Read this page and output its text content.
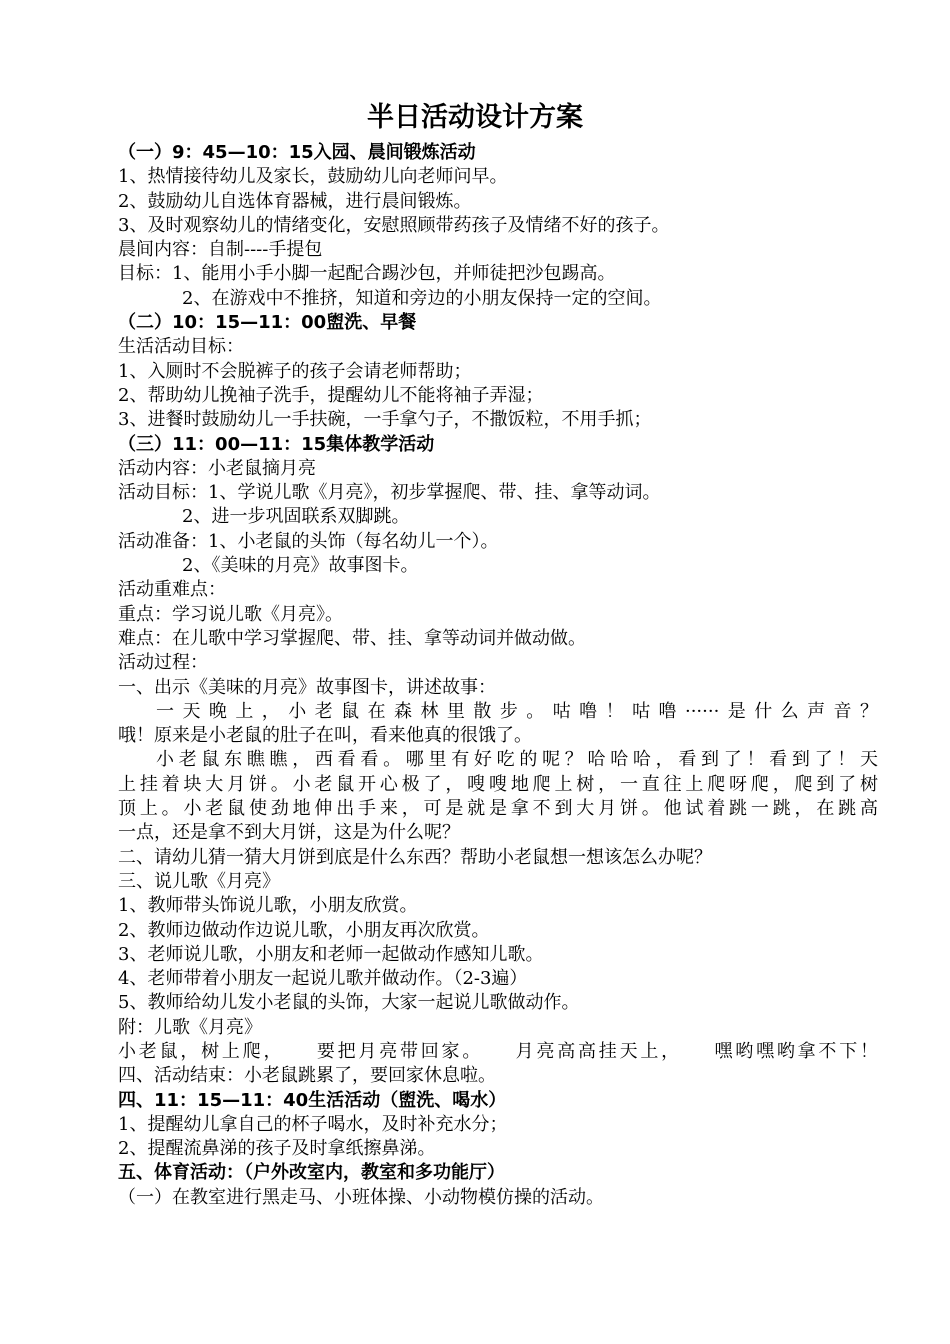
半日活动设计方案
（一）9：45—10：15入园、晨间锻炼活动
1、热情接待幼儿及家长，鼓励幼儿向老师问早。
2、鼓励幼儿自选体育器械，进行晨间锻炼。
3、及时观察幼儿的情绪变化，安慰照顾带药孩子及情绪不好的孩子。
晨间内容：自制----手提包
目标：1、能用小手小脚一起配合踢沙包，并师徒把沙包踢高。
2、在游戏中不推挤，知道和旁边的小朋友保持一定的空间。
（二）10：15—11：00盥洗、早餐
生活活动目标：
1、入厕时不会脱裤子的孩子会请老师帮助；
2、帮助幼儿挽袖子洗手，提醒幼儿不能将袖子弄湿；
3、进餐时鼓励幼儿一手扶碗，一手拿勺子，不撒饭粒，不用手抓；
（三）11：00—11：15集体教学活动
活动内容：小老鼠摘月亮
活动目标：1、学说儿歌《月亮》，初步掌握爬、带、挂、拿等动词。
2、进一步巩固联系双脚跳。
活动准备：1、小老鼠的头饰（每名幼儿一个）。
2、《美味的月亮》故事图卡。
活动重难点：
重点：学习说儿歌《月亮》。
难点：在儿歌中学习掌握爬、带、挂、拿等动词并做动做。
活动过程：
一、出示《美味的月亮》故事图卡，讲述故事：
一天晚上，小老鼠在森林里散步。咕噜！咕噜······是什么声音？
哦！原来是小老鼠的肚子在叫，看来他真的很饿了。
小老鼠东瞧瞧，西看看。哪里有好吃的呢？哈哈哈，看到了！看到了！天
上挂着块大月饼。小老鼠开心极了，嗖嗖地爬上树，一直往上爬呀爬，爬到了树
顶上。小老鼠使劲地伸出手来，可是就是拿不到大月饼。他试着跳一跳，在跳高
一点，还是拿不到大月饼，这是为什么呢？
二、请幼儿猜一猜大月饼到底是什么东西？帮助小老鼠想一想该怎么办呢？
三、说儿歌《月亮》
1、教师带头饰说儿歌，小朋友欣赏。
2、教师边做动作边说儿歌，小朋友再次欣赏。
3、老师说儿歌，小朋友和老师一起做动作感知儿歌。
4、老师带着小朋友一起说儿歌并做动作。（2-3遍）
5、教师给幼儿发小老鼠的头饰，大家一起说儿歌做动作。
附：儿歌《月亮》
小老鼠，树上爬，　　要把月亮带回家。　　月亮高高挂天上，　　嘿哟嘿哟拿不下！
四、活动结束：小老鼠跳累了，要回家休息啦。
四、11：15—11：40生活活动（盥洗、喝水）
1、提醒幼儿拿自己的杯子喝水，及时补充水分；
2、提醒流鼻涕的孩子及时拿纸擦鼻涕。
五、体育活动：（户外改室内，教室和多功能厅）
（一）在教室进行黑走马、小班体操、小动物模仿操的活动。
